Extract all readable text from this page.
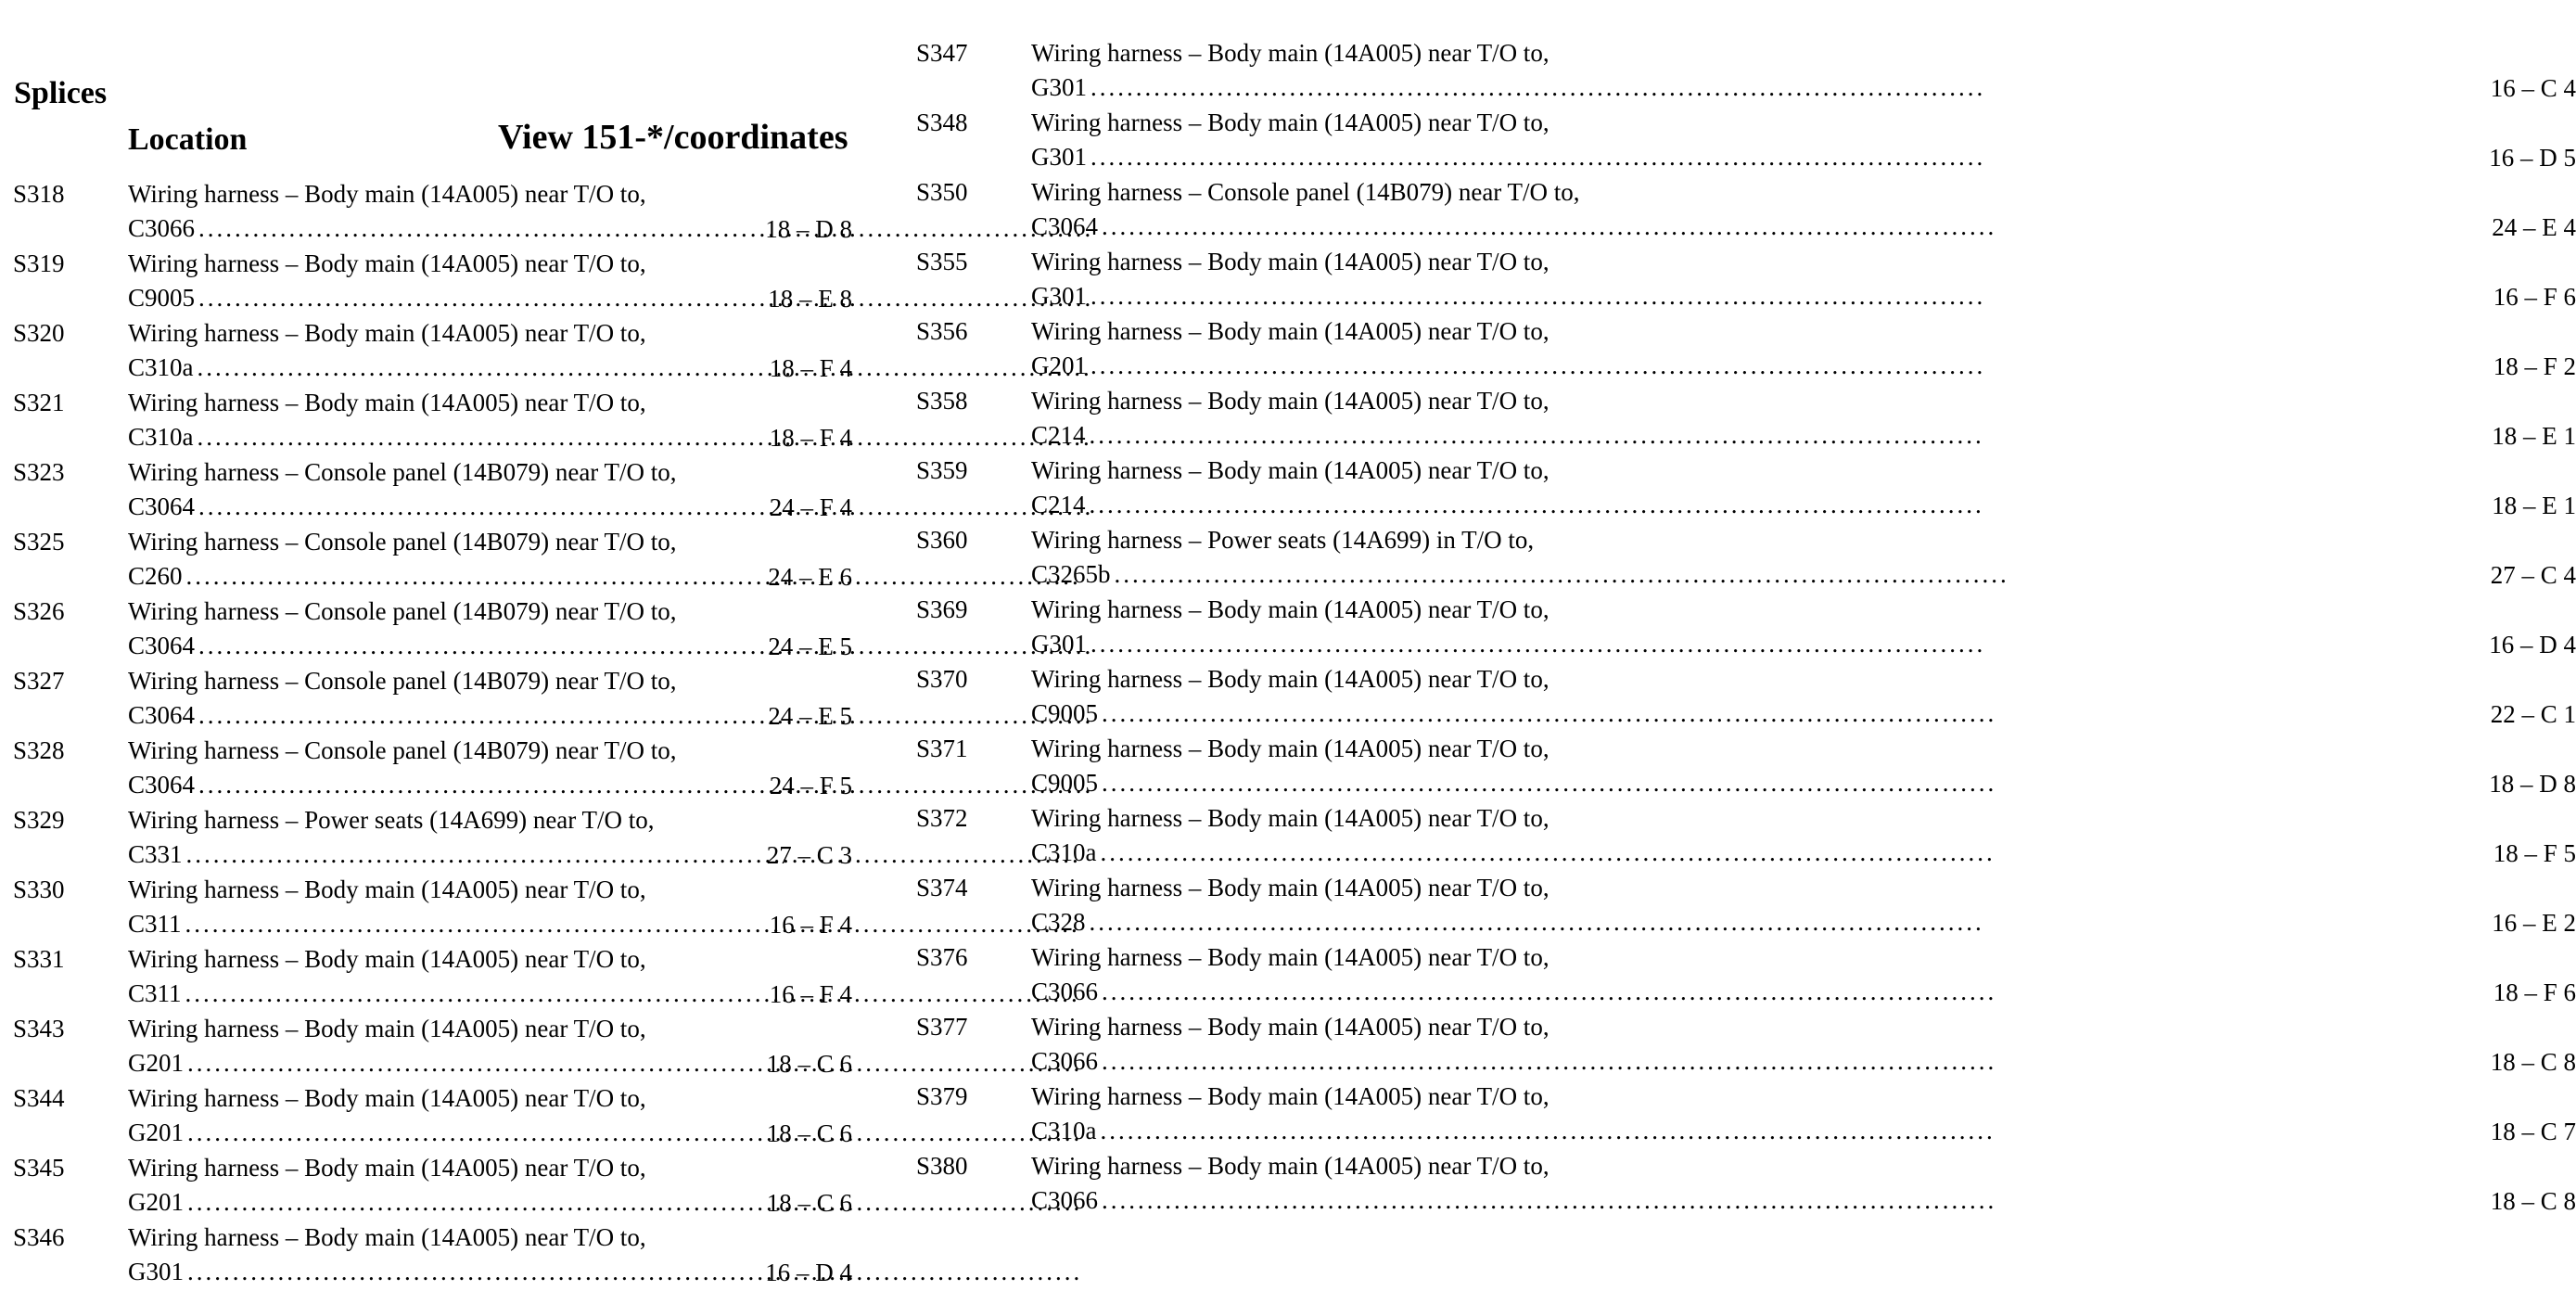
Splices
Location	View 151-*/coordinates
S318	Wiring harness – Body main (14A005) near T/O to,
C3066 .....	18 – D 8
S319	Wiring harness – Body main (14A005) near T/O to,
C9005 .....	18 – E 8
S320	Wiring harness – Body main (14A005) near T/O to,
C310a .....	18 – F 4
S321	Wiring harness – Body main (14A005) near T/O to,
C310a .....	18 – F 4
S323	Wiring harness – Console panel (14B079) near T/O to,
C3064 .....	24 – F 4
S325	Wiring harness – Console panel (14B079) near T/O to,
C260 .....	24 – E 6
S326	Wiring harness – Console panel (14B079) near T/O to,
C3064 .....	24 – E 5
S327	Wiring harness – Console panel (14B079) near T/O to,
C3064 .....	24 – E 5
S328	Wiring harness – Console panel (14B079) near T/O to,
C3064 .....	24 – F 5
S329	Wiring harness – Power seats (14A699) near T/O to,
C331 .....	27 – C 3
S330	Wiring harness – Body main (14A005) near T/O to,
C311 .....	16 – F 4
S331	Wiring harness – Body main (14A005) near T/O to,
C311 .....	16 – F 4
S343	Wiring harness – Body main (14A005) near T/O to,
G201 .....	18 – C 6
S344	Wiring harness – Body main (14A005) near T/O to,
G201 .....	18 – C 6
S345	Wiring harness – Body main (14A005) near T/O to,
G201 .....	18 – C 6
S346	Wiring harness – Body main (14A005) near T/O to,
G301 .....	16 – D 4
S347	Wiring harness – Body main (14A005) near T/O to,
G301 .....	16 – C 4
S348	Wiring harness – Body main (14A005) near T/O to,
G301 .....	16 – D 5
S350	Wiring harness – Console panel (14B079) near T/O to,
C3064 .....	24 – E 4
S355	Wiring harness – Body main (14A005) near T/O to,
G301 .....	16 – F 6
S356	Wiring harness – Body main (14A005) near T/O to,
G201 .....	18 – F 2
S358	Wiring harness – Body main (14A005) near T/O to,
C214 .....	18 – E 1
S359	Wiring harness – Body main (14A005) near T/O to,
C214 .....	18 – E 1
S360	Wiring harness – Power seats (14A699) in T/O to,
C3265b .....	27 – C 4
S369	Wiring harness – Body main (14A005) near T/O to,
G301 .....	16 – D 4
S370	Wiring harness – Body main (14A005) near T/O to,
C9005 .....	22 – C 1
S371	Wiring harness – Body main (14A005) near T/O to,
C9005 .....	18 – D 8
S372	Wiring harness – Body main (14A005) near T/O to,
C310a .....	18 – F 5
S374	Wiring harness – Body main (14A005) near T/O to,
C328 .....	16 – E 2
S376	Wiring harness – Body main (14A005) near T/O to,
C3066 .....	18 – F 6
S377	Wiring harness – Body main (14A005) near T/O to,
C3066 .....	18 – C 8
S379	Wiring harness – Body main (14A005) near T/O to,
C310a .....	18 – C 7
S380	Wiring harness – Body main (14A005) near T/O to,
C3066 .....	18 – C 8
